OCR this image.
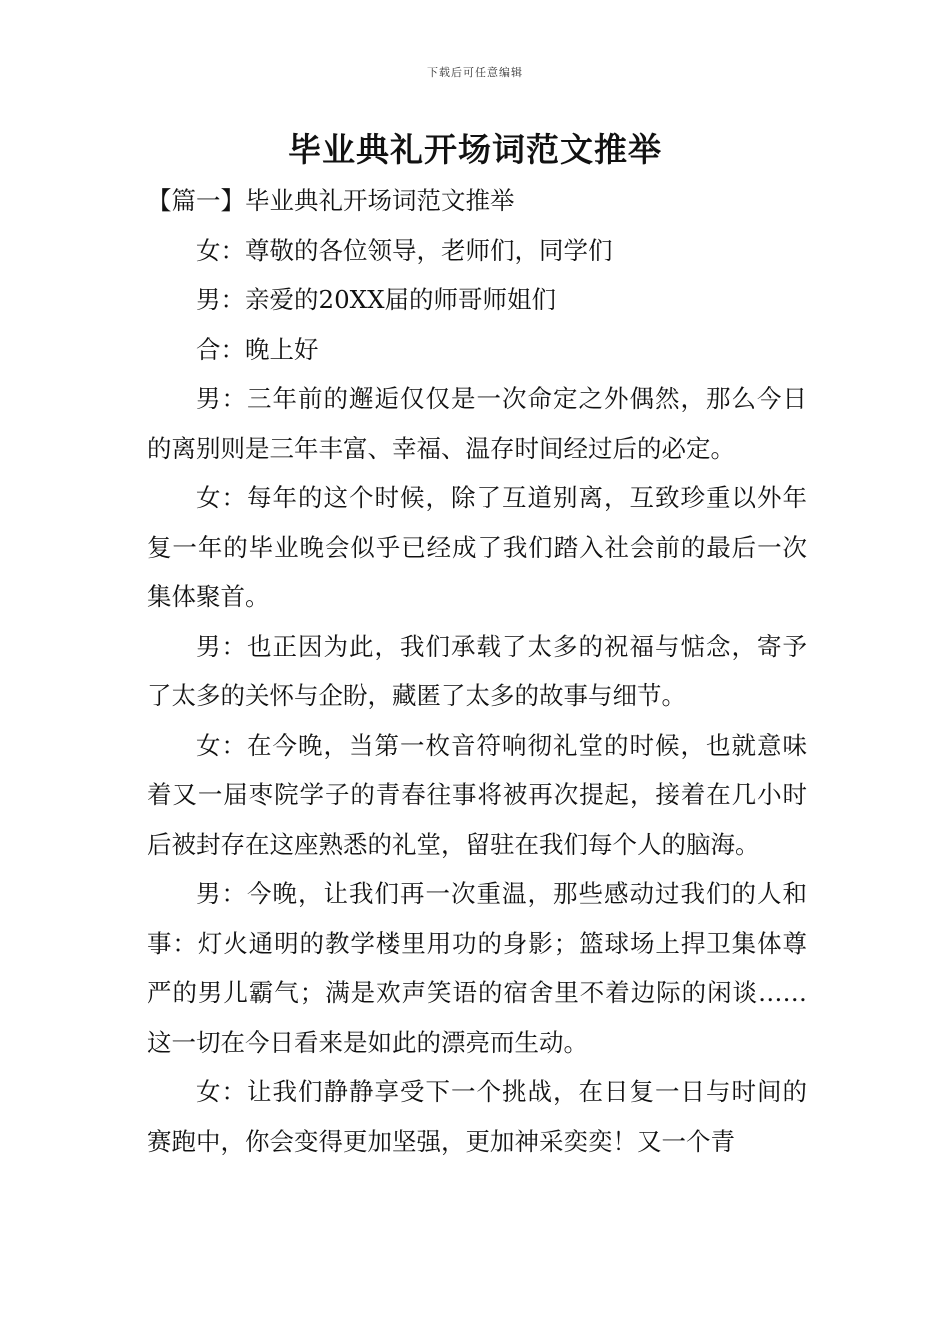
下载后可任意编辑
毕业典礼开场词范文推举

【篇一】毕业典礼开场词范文推举

女：尊敬的各位领导，老师们，同学们

男：亲爱的20XX届的师哥师姐们

合：晚上好

男：三年前的邂逅仅仅是一次命定之外偶然，那么今日的离别则是三年丰富、幸福、温存时间经过后的必定。

女：每年的这个时候，除了互道别离，互致珍重以外年复一年的毕业晚会似乎已经成了我们踏入社会前的最后一次集体聚首。

男：也正因为此，我们承载了太多的祝福与惦念，寄予了太多的关怀与企盼，藏匿了太多的故事与细节。

女：在今晚，当第一枚音符响彻礼堂的时候，也就意味着又一届枣院学子的青春往事将被再次提起，接着在几小时后被封存在这座熟悉的礼堂，留驻在我们每个人的脑海。

男：今晚，让我们再一次重温，那些感动过我们的人和事：灯火通明的教学楼里用功的身影；篮球场上捍卫集体尊严的男儿霸气；满是欢声笑语的宿舍里不着边际的闲谈……这一切在今日看来是如此的漂亮而生动。

女：让我们静静享受下一个挑战，在日复一日与时间的赛跑中，你会变得更加坚强，更加神采奕奕！又一个青
